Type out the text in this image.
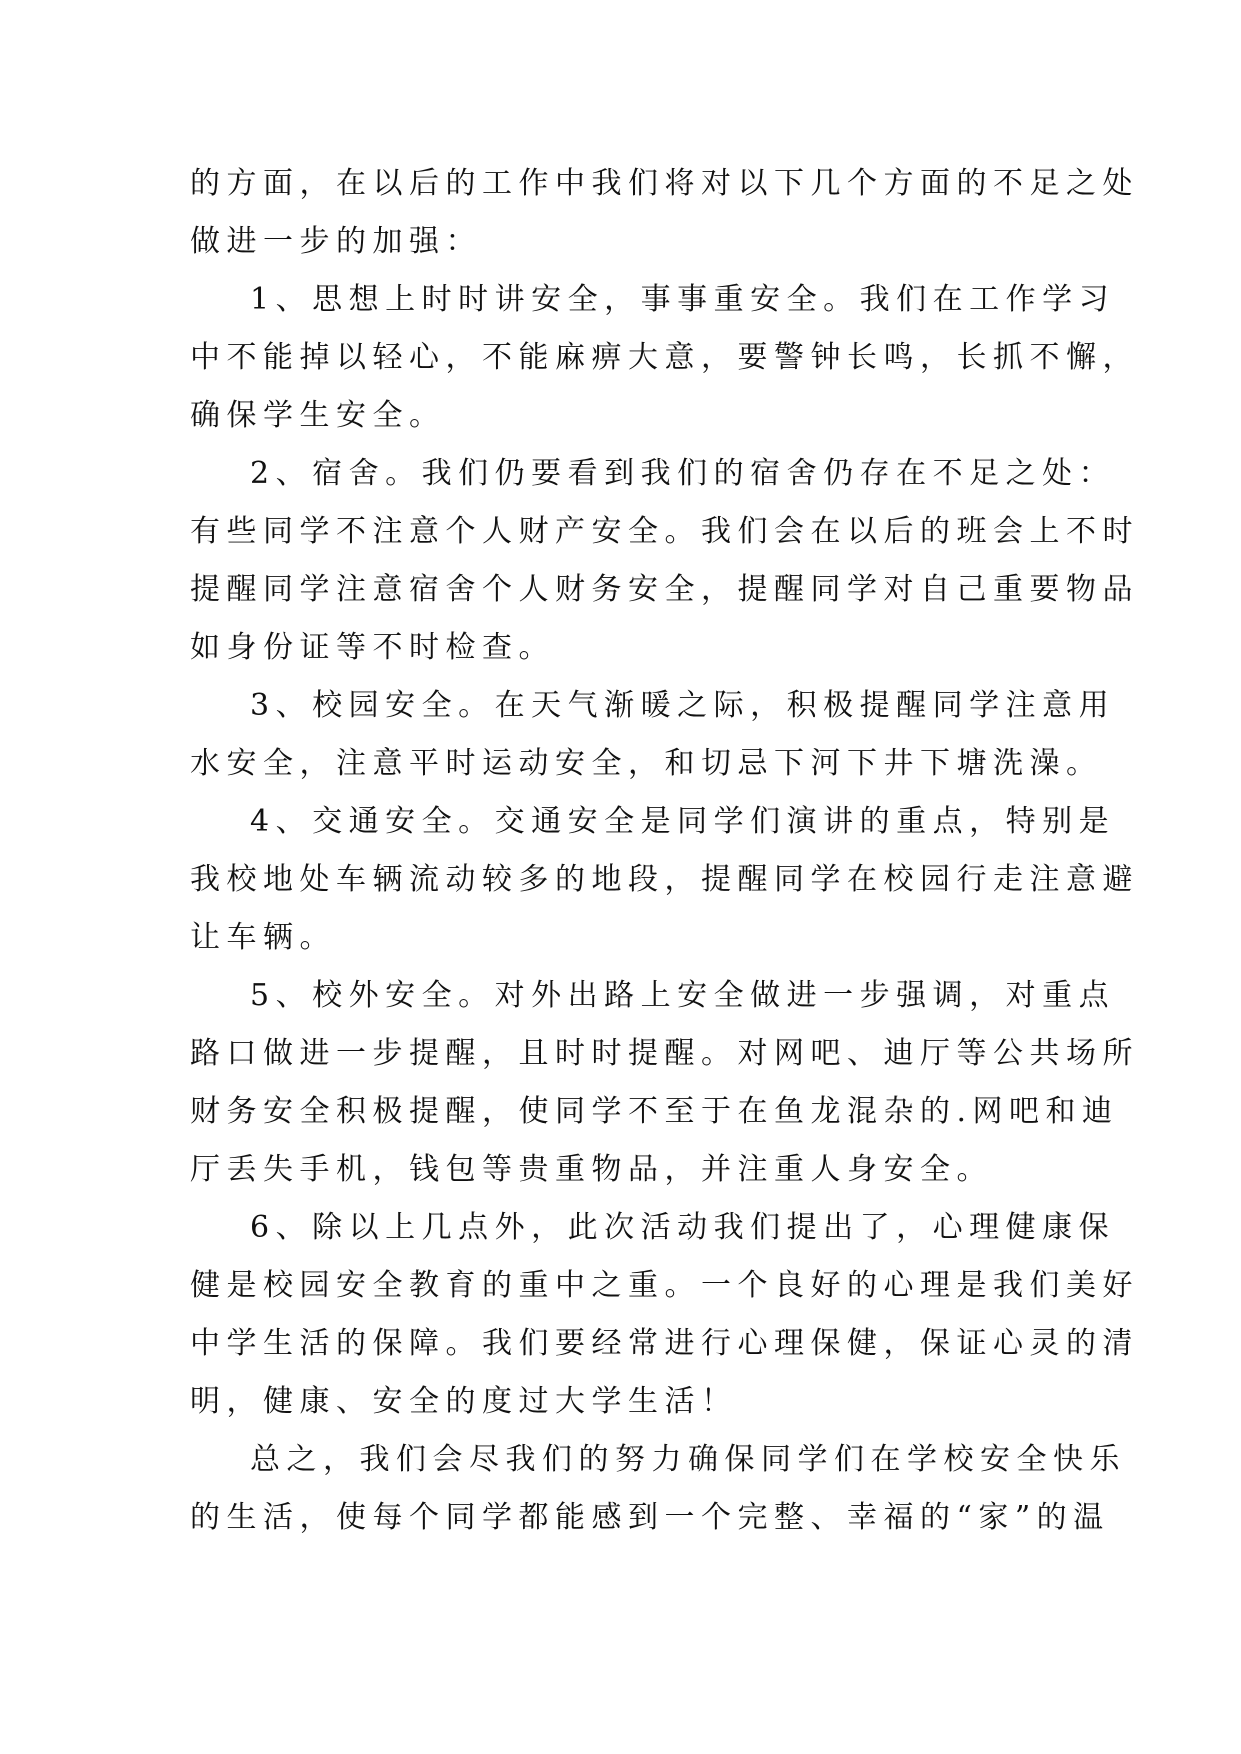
的方面，在以后的工作中我们将对以下几个方面的不足之处
做进一步的加强：
1、思想上时时讲安全，事事重安全。我们在工作学习
中不能掉以轻心，不能麻痹大意，要警钟长鸣，长抓不懈，
确保学生安全。
2、宿舍。我们仍要看到我们的宿舍仍存在不足之处：
有些同学不注意个人财产安全。我们会在以后的班会上不时
提醒同学注意宿舍个人财务安全，提醒同学对自己重要物品
如身份证等不时检查。
3、校园安全。在天气渐暖之际，积极提醒同学注意用
水安全，注意平时运动安全，和切忌下河下井下塘洗澡。
4、交通安全。交通安全是同学们演讲的重点，特别是
我校地处车辆流动较多的地段，提醒同学在校园行走注意避
让车辆。
5、校外安全。对外出路上安全做进一步强调，对重点
路口做进一步提醒，且时时提醒。对网吧、迪厅等公共场所
财务安全积极提醒，使同学不至于在鱼龙混杂的.网吧和迪
厅丢失手机，钱包等贵重物品，并注重人身安全。
6、除以上几点外，此次活动我们提出了，心理健康保
健是校园安全教育的重中之重。一个良好的心理是我们美好
中学生活的保障。我们要经常进行心理保健，保证心灵的清
明，健康、安全的度过大学生活！
总之，我们会尽我们的努力确保同学们在学校安全快乐
的生活，使每个同学都能感到一个完整、幸福的“家”的温
